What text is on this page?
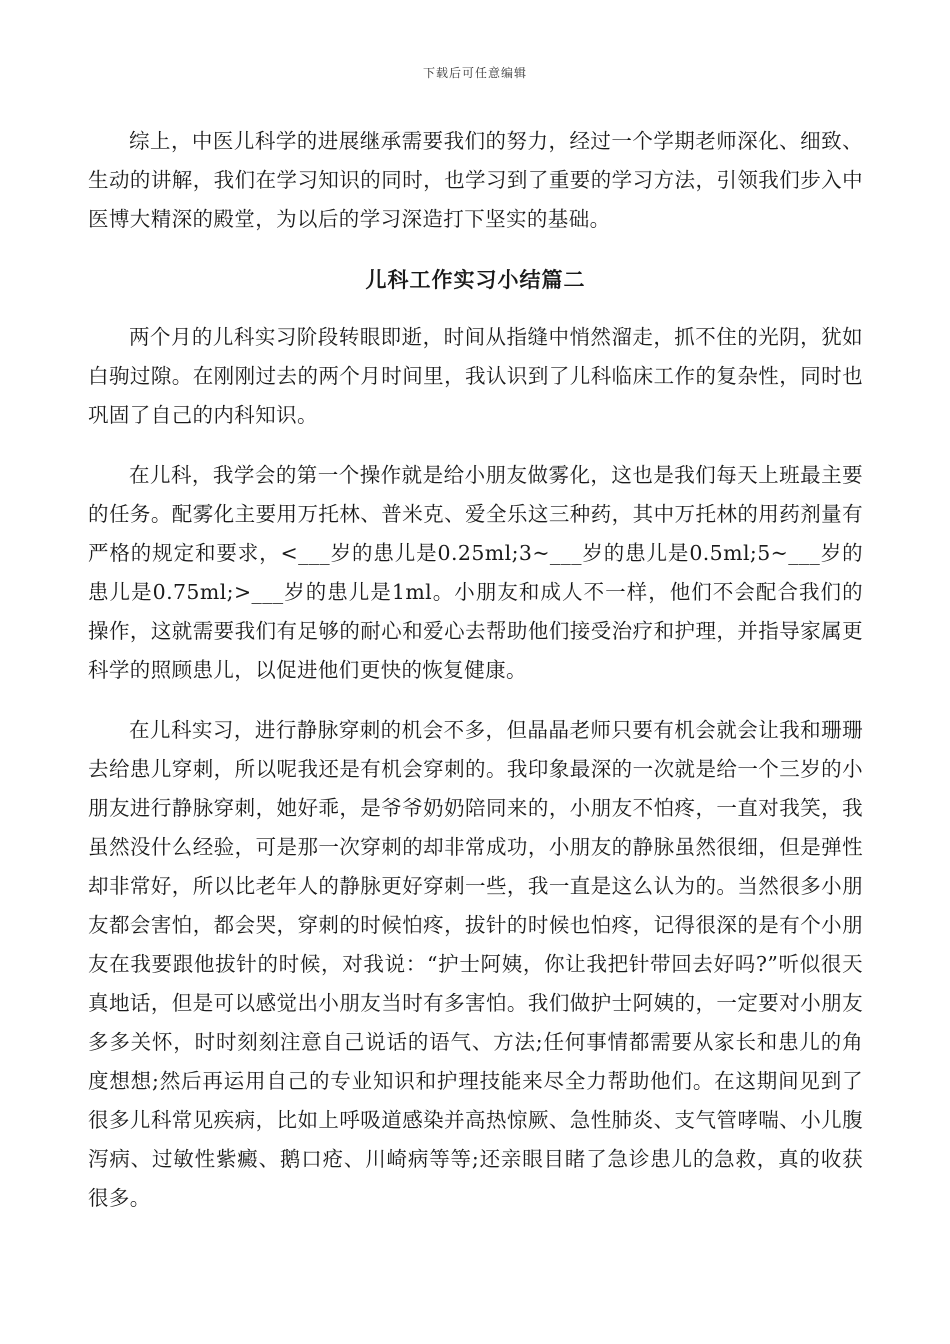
下载后可任意编辑

综上，中医儿科学的进展继承需要我们的努力，经过一个学期老师深化、细致、生动的讲解，我们在学习知识的同时，也学习到了重要的学习方法，引领我们步入中医博大精深的殿堂，为以后的学习深造打下坚实的基础。

儿科工作实习小结篇二

两个月的儿科实习阶段转眼即逝，时间从指缝中悄然溜走，抓不住的光阴，犹如白驹过隙。在刚刚过去的两个月时间里，我认识到了儿科临床工作的复杂性，同时也巩固了自己的内科知识。

在儿科，我学会的第一个操作就是给小朋友做雾化，这也是我们每天上班最主要的任务。配雾化主要用万托林、普米克、爱全乐这三种药，其中万托林的用药剂量有严格的规定和要求，<___岁的患儿是0.25ml;3~___岁的患儿是0.5ml;5~___岁的患儿是0.75ml;>___岁的患儿是1ml。小朋友和成人不一样，他们不会配合我们的操作，这就需要我们有足够的耐心和爱心去帮助他们接受治疗和护理，并指导家属更科学的照顾患儿，以促进他们更快的恢复健康。

在儿科实习，进行静脉穿刺的机会不多，但晶晶老师只要有机会就会让我和珊珊去给患儿穿刺，所以呢我还是有机会穿刺的。我印象最深的一次就是给一个三岁的小朋友进行静脉穿刺，她好乖，是爷爷奶奶陪同来的，小朋友不怕疼，一直对我笑，我虽然没什么经验，可是那一次穿刺的却非常成功，小朋友的静脉虽然很细，但是弹性却非常好，所以比老年人的静脉更好穿刺一些，我一直是这么认为的。当然很多小朋友都会害怕，都会哭，穿刺的时候怕疼，拔针的时候也怕疼，记得很深的是有个小朋友在我要跟他拔针的时候，对我说：“护士阿姨，你让我把针带回去好吗?”听似很天真地话，但是可以感觉出小朋友当时有多害怕。我们做护士阿姨的，一定要对小朋友多多关怀，时时刻刻注意自己说话的语气、方法;任何事情都需要从家长和患儿的角度想想;然后再运用自己的专业知识和护理技能来尽全力帮助他们。在这期间见到了很多儿科常见疾病，比如上呼吸道感染并高热惊厥、急性肺炎、支气管哮喘、小儿腹泻病、过敏性紫癜、鹅口疮、川崎病等等;还亲眼目睹了急诊患儿的急救，真的收获很多。
